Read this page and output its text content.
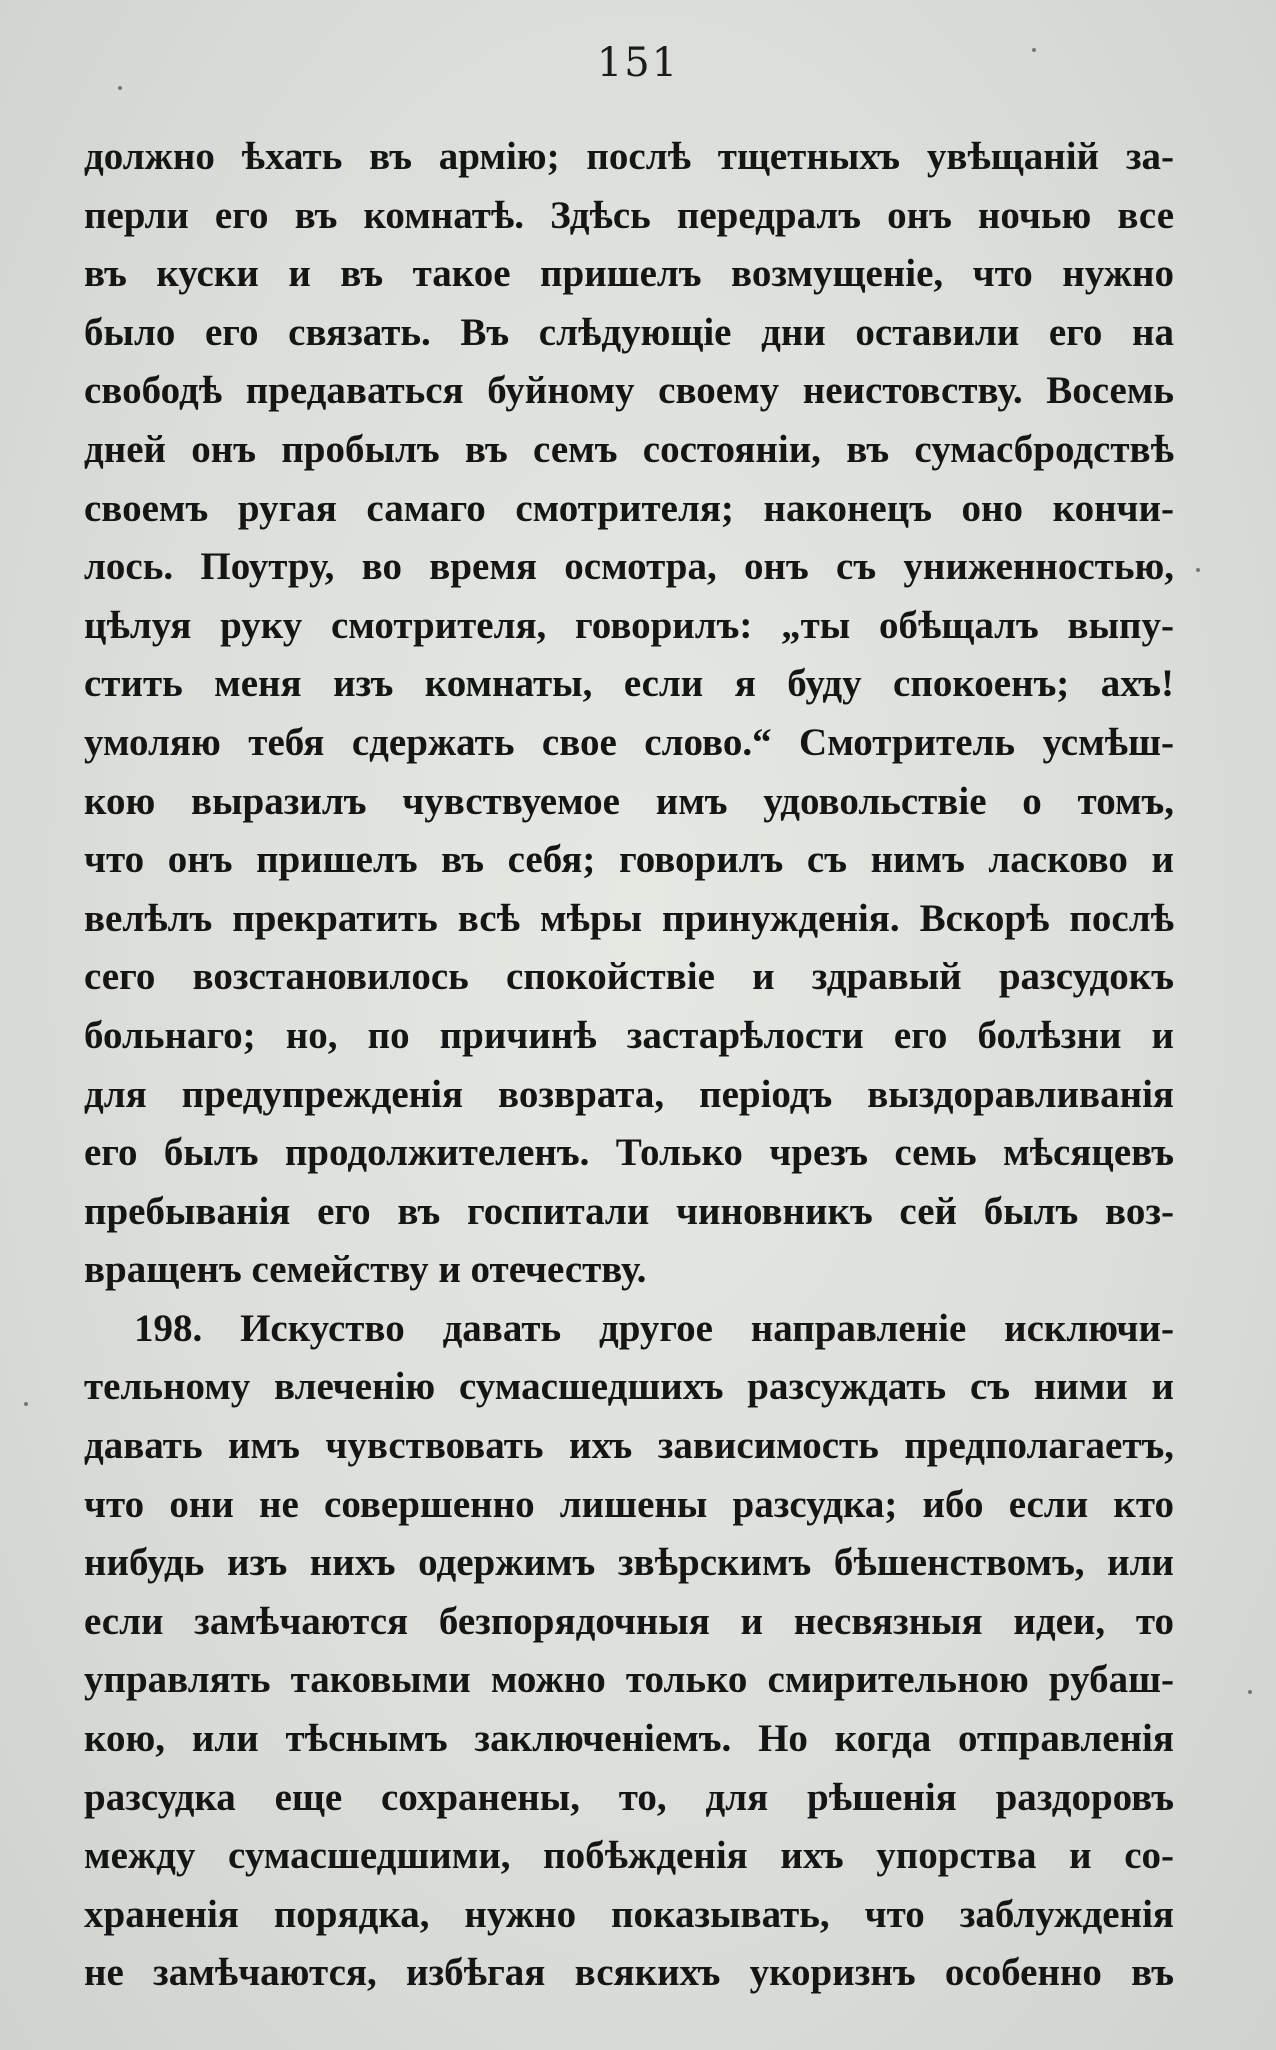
151
должно ѣхать въ армію; послѣ тщетныхъ увѣщаній за-
перли его въ комнатѣ. Здѣсь передралъ онъ ночью все
въ куски и въ такое пришелъ возмущеніе, что нужно
было его связать. Въ слѣдующіе дни оставили его на
свободѣ предаваться буйному своему неистовству. Восемь
дней онъ пробылъ въ семъ состояніи, въ сумасбродствѣ
своемъ ругая самаго смотрителя; наконецъ оно кончи-
лось. Поутру, во время осмотра, онъ съ униженностью,
цѣлуя руку смотрителя, говорилъ: „ты обѣщалъ выпу-
стить меня изъ комнаты, если я буду спокоенъ; ахъ!
умоляю тебя сдержать свое слово.“ Смотритель усмѣш-
кою выразилъ чувствуемое имъ удовольствіе о томъ,
что онъ пришелъ въ себя; говорилъ съ нимъ ласково и
велѣлъ прекратить всѣ мѣры принужденія. Вскорѣ послѣ
сего возстановилось спокойствіе и здравый разсудокъ
больнаго; но, по причинѣ застарѣлости его болѣзни и
для предупрежденія возврата, періодъ выздоравливанія
его былъ продолжителенъ. Только чрезъ семь мѣсяцевъ
пребыванія его въ госпитали чиновникъ сей былъ воз-
вращенъ семейству и отечеству.
198. Искуство давать другое направленіе исключи-
тельному влеченію сумасшедшихъ разсуждать съ ними и
давать имъ чувствовать ихъ зависимость предполагаетъ,
что они не совершенно лишены разсудка; ибо если кто
нибудь изъ нихъ одержимъ звѣрскимъ бѣшенствомъ, или
если замѣчаются безпорядочныя и несвязныя идеи, то
управлять таковыми можно только смирительною рубаш-
кою, или тѣснымъ заключеніемъ. Но когда отправленія
разсудка еще сохранены, то, для рѣшенія раздоровъ
между сумасшедшими, побѣжденія ихъ упорства и со-
храненія порядка, нужно показывать, что заблужденія
не замѣчаются, избѣгая всякихъ укоризнъ особенно въ
